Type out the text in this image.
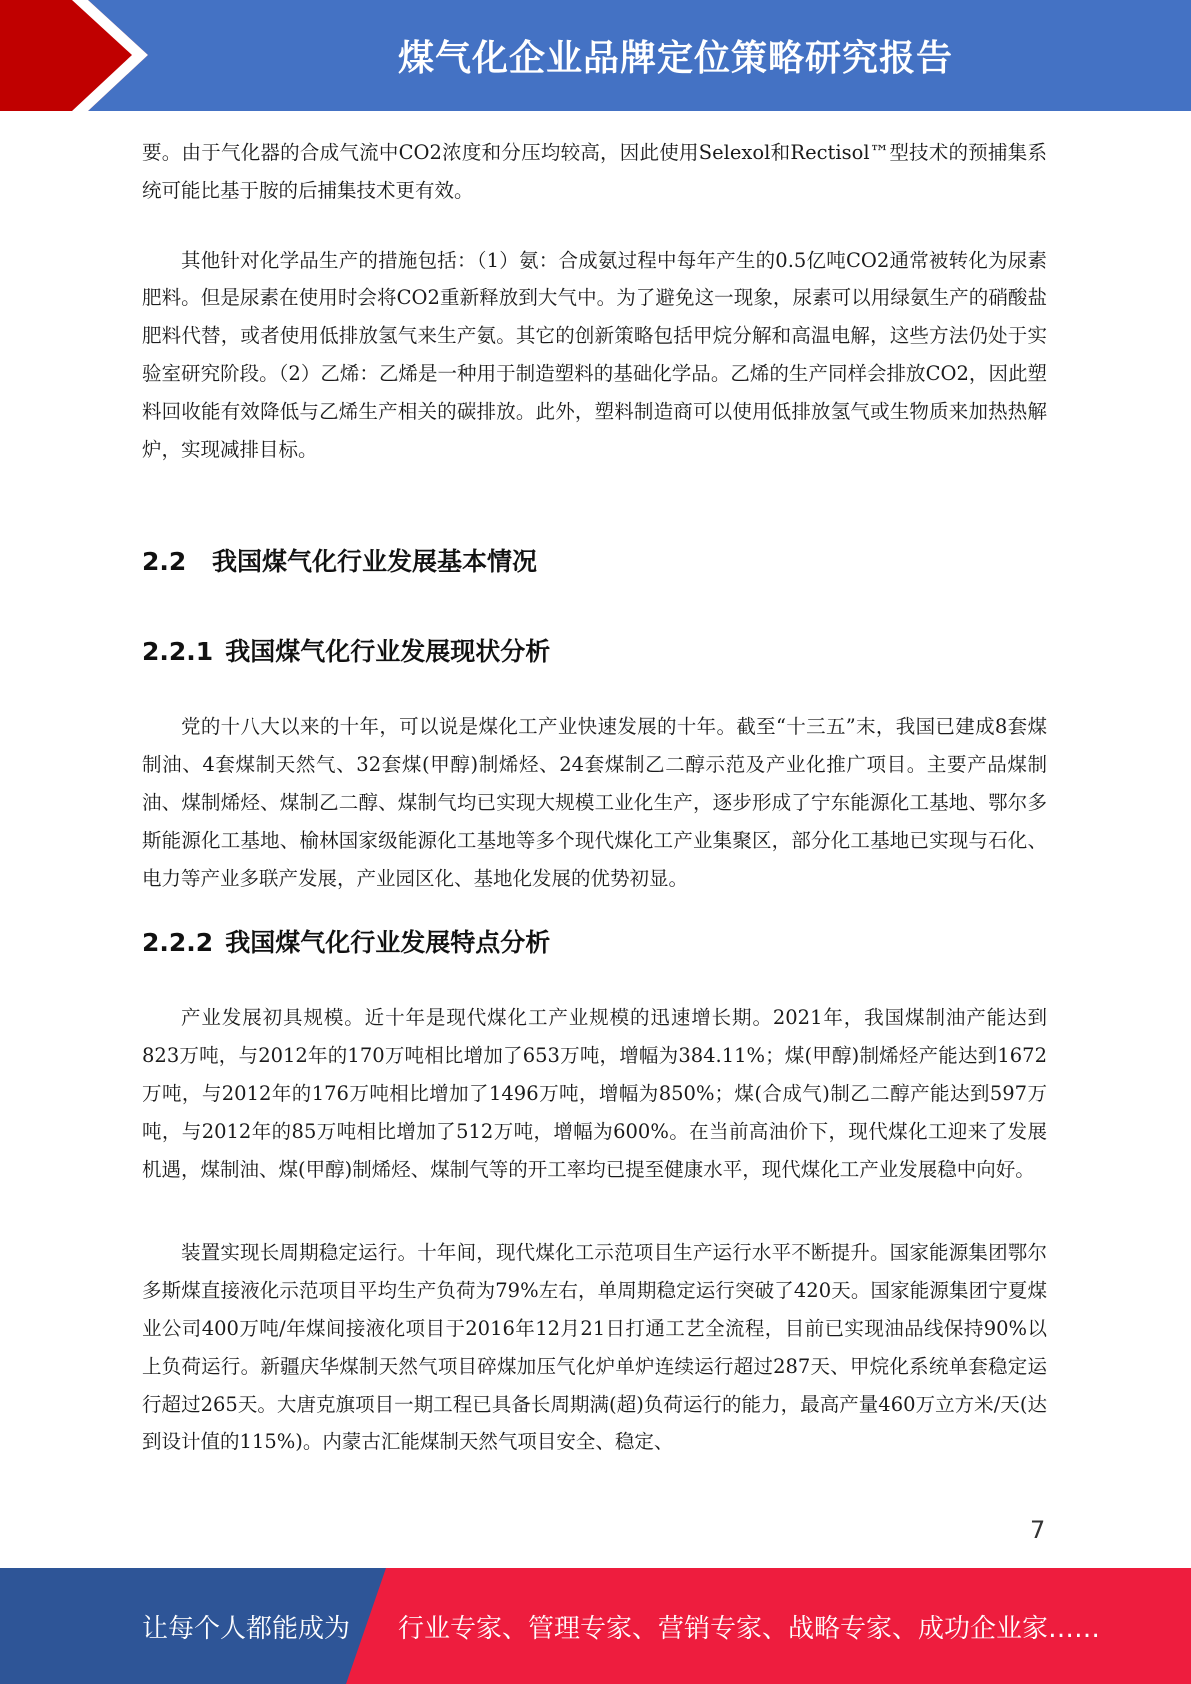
煤气化企业品牌定位策略研究报告

要。由于气化器的合成气流中CO2浓度和分压均较高，因此使用Selexol和Rectisol™型技术的预捕集系统可能比基于胺的后捕集技术更有效。

其他针对化学品生产的措施包括：（1）氨：合成氨过程中每年产生的0.5亿吨CO2通常被转化为尿素肥料。但是尿素在使用时会将CO2重新释放到大气中。为了避免这一现象，尿素可以用绿氨生产的硝酸盐肥料代替，或者使用低排放氢气来生产氨。其它的创新策略包括甲烷分解和高温电解，这些方法仍处于实验室研究阶段。（2）乙烯：乙烯是一种用于制造塑料的基础化学品。乙烯的生产同样会排放CO2，因此塑料回收能有效降低与乙烯生产相关的碳排放。此外，塑料制造商可以使用低排放氢气或生物质来加热热解炉，实现减排目标。

2.2 我国煤气化行业发展基本情况
2.2.1 我国煤气化行业发展现状分析

党的十八大以来的十年，可以说是煤化工产业快速发展的十年。截至“十三五”末，我国已建成8套煤制油、4套煤制天然气、32套煤(甲醇)制烯烃、24套煤制乙二醇示范及产业化推广项目。主要产品煤制油、煤制烯烃、煤制乙二醇、煤制气均已实现大规模工业化生产，逐步形成了宁东能源化工基地、鄂尔多斯能源化工基地、榆林国家级能源化工基地等多个现代煤化工产业集聚区，部分化工基地已实现与石化、电力等产业多联产发展，产业园区化、基地化发展的优势初显。

2.2.2 我国煤气化行业发展特点分析

产业发展初具规模。近十年是现代煤化工产业规模的迅速增长期。2021年，我国煤制油产能达到823万吨，与2012年的170万吨相比增加了653万吨，增幅为384.11%；煤(甲醇)制烯烃产能达到1672万吨，与2012年的176万吨相比增加了1496万吨，增幅为850%；煤(合成气)制乙二醇产能达到597万吨，与2012年的85万吨相比增加了512万吨，增幅为600%。在当前高油价下，现代煤化工迎来了发展机遇，煤制油、煤(甲醇)制烯烃、煤制气等的开工率均已提至健康水平，现代煤化工产业发展稳中向好。

装置实现长周期稳定运行。十年间，现代煤化工示范项目生产运行水平不断提升。国家能源集团鄂尔多斯煤直接液化示范项目平均生产负荷为79%左右，单周期稳定运行突破了420天。国家能源集团宁夏煤业公司400万吨/年煤间接液化项目于2016年12月21日打通工艺全流程，目前已实现油品线保持90%以上负荷运行。新疆庆华煤制天然气项目碎煤加压气化炉单炉连续运行超过287天、甲烷化系统单套稳定运行超过265天。大唐克旗项目一期工程已具备长周期满(超)负荷运行的能力，最高产量460万立方米/天(达到设计值的115%)。内蒙古汇能煤制天然气项目安全、稳定、

7
让每个人都能成为 行业专家、管理专家、营销专家、战略专家、成功企业家……
